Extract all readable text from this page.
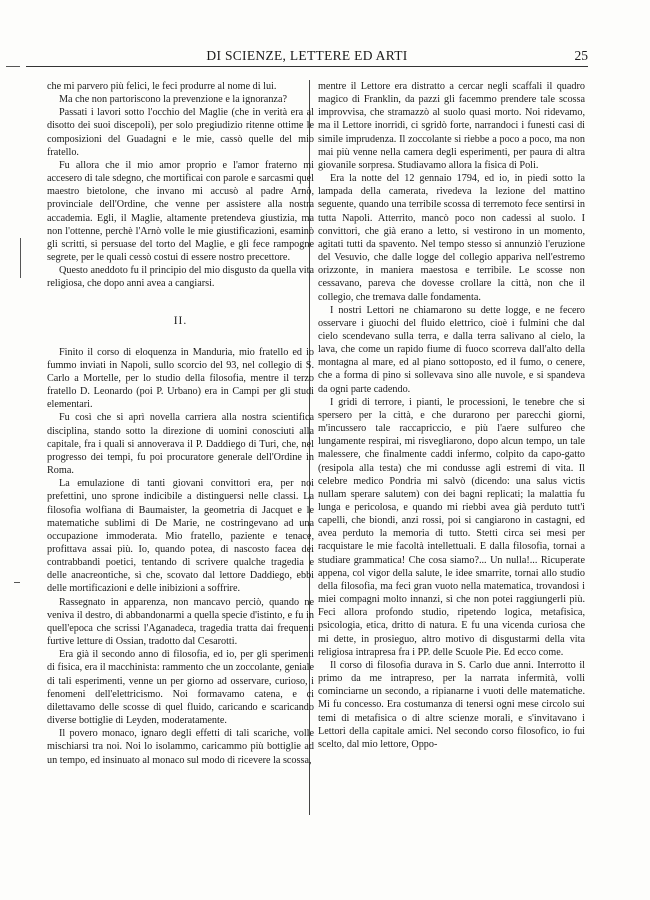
DI SCIENZE, LETTERE ED ARTI	25

che mi parvero più felici, le feci produrre al nome di lui.

Ma che non partoriscono la prevenzione e la ignoranza?

Passati i lavori sotto l'occhio del Maglie (che in verità era al disotto dei suoi discepoli), per solo pregiudizio ritenne ottime le composizioni del Guadagni e le mie, cassò quelle del mio fratello.

Fu allora che il mio amor proprio e l'amor fraterno mi accesero di tale sdegno, che mortificai con parole e sarcasmi quel maestro bietolone, che invano mi accusò al padre Arnò, provinciale dell'Ordine, che venne per assistere alla nostra accademia. Egli, il Maglie, altamente pretendeva giustizia, ma non l'ottenne, perchè l'Arnò volle le mie giustificazioni, esaminò gli scritti, si persuase del torto del Maglie, e gli fece rampogne segrete, per le quali cessò costui di essere nostro precettore.

Questo aneddoto fu il principio del mio disgusto da quella vita religiosa, che dopo anni avea a cangiarsi.

II.

Finito il corso di eloquenza in Manduria, mio fratello ed io fummo inviati in Napoli, sullo scorcio del 93, nel collegio di S. Carlo a Mortelle, per lo studio della filosofia, mentre il terzo fratello D. Leonardo (poi P. Urbano) era in Campi per gli studi elementari.

Fu così che si aprì novella carriera alla nostra scientifica disciplina, stando sotto la direzione di uomini conosciuti alla capitale, fra i quali si annoverava il P. Daddiego di Turi, che, nel progresso dei tempi, fu poi procuratore generale dell'Ordine in Roma.

La emulazione di tanti giovani convittori era, per noi prefettini, uno sprone indicibile a distinguersi nelle classi. La filosofia wolfiana di Baumaister, la geometria di Jacquet e le matematiche sublimi di De Marie, ne costringevano ad una occupazione immoderata. Mio fratello, paziente e tenace, profittava assai più. Io, quando potea, di nascosto facea dei contrabbandi poetici, tentando di scrivere qualche tragedia e delle anacreontiche, sì che, scovato dal lettore Daddiego, ebbi delle mortificazioni e delle inibizioni a soffrire.

Rassegnato in apparenza, non mancavo perciò, quando ne veniva il destro, di abbandonarmi a quella specie d'istinto, e fu in quell'epoca che scrissi l'Aganadeca, tragedia tratta dai frequenti furtive letture di Ossian, tradotto dal Cesarotti.

Era già il secondo anno di filosofia, ed io, per gli sperimenti di fisica, era il macchinista: rammento che un zoccolante, geniale di tali esperimenti, venne un per giorno ad osservare, curioso, i fenomeni dell'elettricismo. Noi formavamo catena, e ci dilettavamo delle scosse di quel fluido, caricando e scaricando diverse bottiglie di Leyden, moderatamente.

Il povero monaco, ignaro degli effetti di tali scariche, volle mischiarsi tra noi. Noi lo isolammo, caricammo più bottiglie ad un tempo, ed insinuato al monaco sul modo di ricevere la scossa,

mentre il Lettore era distratto a cercar negli scaffali il quadro magico di Franklin, da pazzi gli facemmo prendere tale scossa improvvisa, che stramazzò al suolo quasi morto. Noi ridevamo, ma il Lettore inorridì, ci sgridò forte, narrandoci i funesti casi di simile imprudenza. Il zoccolante si riebbe a poco a poco, ma non mai più venne nella camera degli esperimenti, per paura di altra giovanile sorpresa. Studiavamo allora la fisica di Poli.

Era la notte del 12 gennaio 1794, ed io, in piedi sotto la lampada della camerata, rivedeva la lezione del mattino seguente, quando una terribile scossa di terremoto fece sentirsi in tutta Napoli. Atterrito, mancò poco non cadessi al suolo. I convittori, che già erano a letto, si vestirono in un momento, agitati tutti da spavento. Nel tempo stesso si annunziò l'eruzione del Vesuvio, che dalle logge del collegio appariva nell'estremo orizzonte, in maniera maestosa e terribile. Le scosse non cessavano, pareva che dovesse crollare la città, non che il collegio, che tremava dalle fondamenta.

I nostri Lettori ne chiamarono su dette logge, e ne fecero osservare i giuochi del fluido elettrico, cioè i fulmini che dal cielo scendevano sulla terra, e dalla terra salivano al cielo, la lava, che come un rapido fiume di fuoco scorreva dall'alto della montagna al mare, ed al piano sottoposto, ed il fumo, o cenere, che a forma di pino si sollevava sino alle nuvole, e si spandeva da ogni parte cadendo.

I gridi di terrore, i pianti, le processioni, le tenebre che si spersero per la città, e che durarono per parecchi giorni, m'incussero tale raccapriccio, e più l'aere sulfureo che lungamente respirai, mi risvegliarono, dopo alcun tempo, un tale malessere, che finalmente caddi infermo, colpito da capo-gatto (resipola alla testa) che mi condusse agli estremi di vita. Il celebre medico Pondria mi salvò (dicendo: una salus victis nullam sperare salutem) con dei bagni replicati; la malattia fu lunga e pericolosa, e quando mi riebbi avea già perduto tutt'i capelli, che biondi, anzi rossi, poi si cangiarono in castagni, ed avea perduto la memoria di tutto. Stetti circa sei mesi per racquistare le mie facoltà intellettuali. E dalla filosofia, tornai a studiare grammatica! Che cosa siamo?... Un nulla!... Ricuperate appena, col vigor della salute, le idee smarrite, tornai allo studio della filosofia, ma feci gran vuoto nella matematica, trovandosi i miei compagni molto innanzi, sì che non potei raggiungerli più. Feci allora profondo studio, ripetendo logica, metafisica, psicologia, etica, dritto di natura. E fu una vicenda curiosa che mi dette, in prosieguo, altro motivo di disgustarmi della vita religiosa intrapresa fra i PP. delle Scuole Pie. Ed ecco come.

Il corso di filosofia durava in S. Carlo due anni. Interrotto il primo da me intrapreso, per la narrata infermità, volli cominciarne un secondo, a ripianarne i vuoti delle matematiche. Mi fu concesso. Era costumanza di tenersi ogni mese circolo sui temi di metafisica o di altre scienze morali, e s'invitavano i Lettori della capitale amici. Nel secondo corso filosofico, io fui scelto, dal mio lettore, Oppo-
